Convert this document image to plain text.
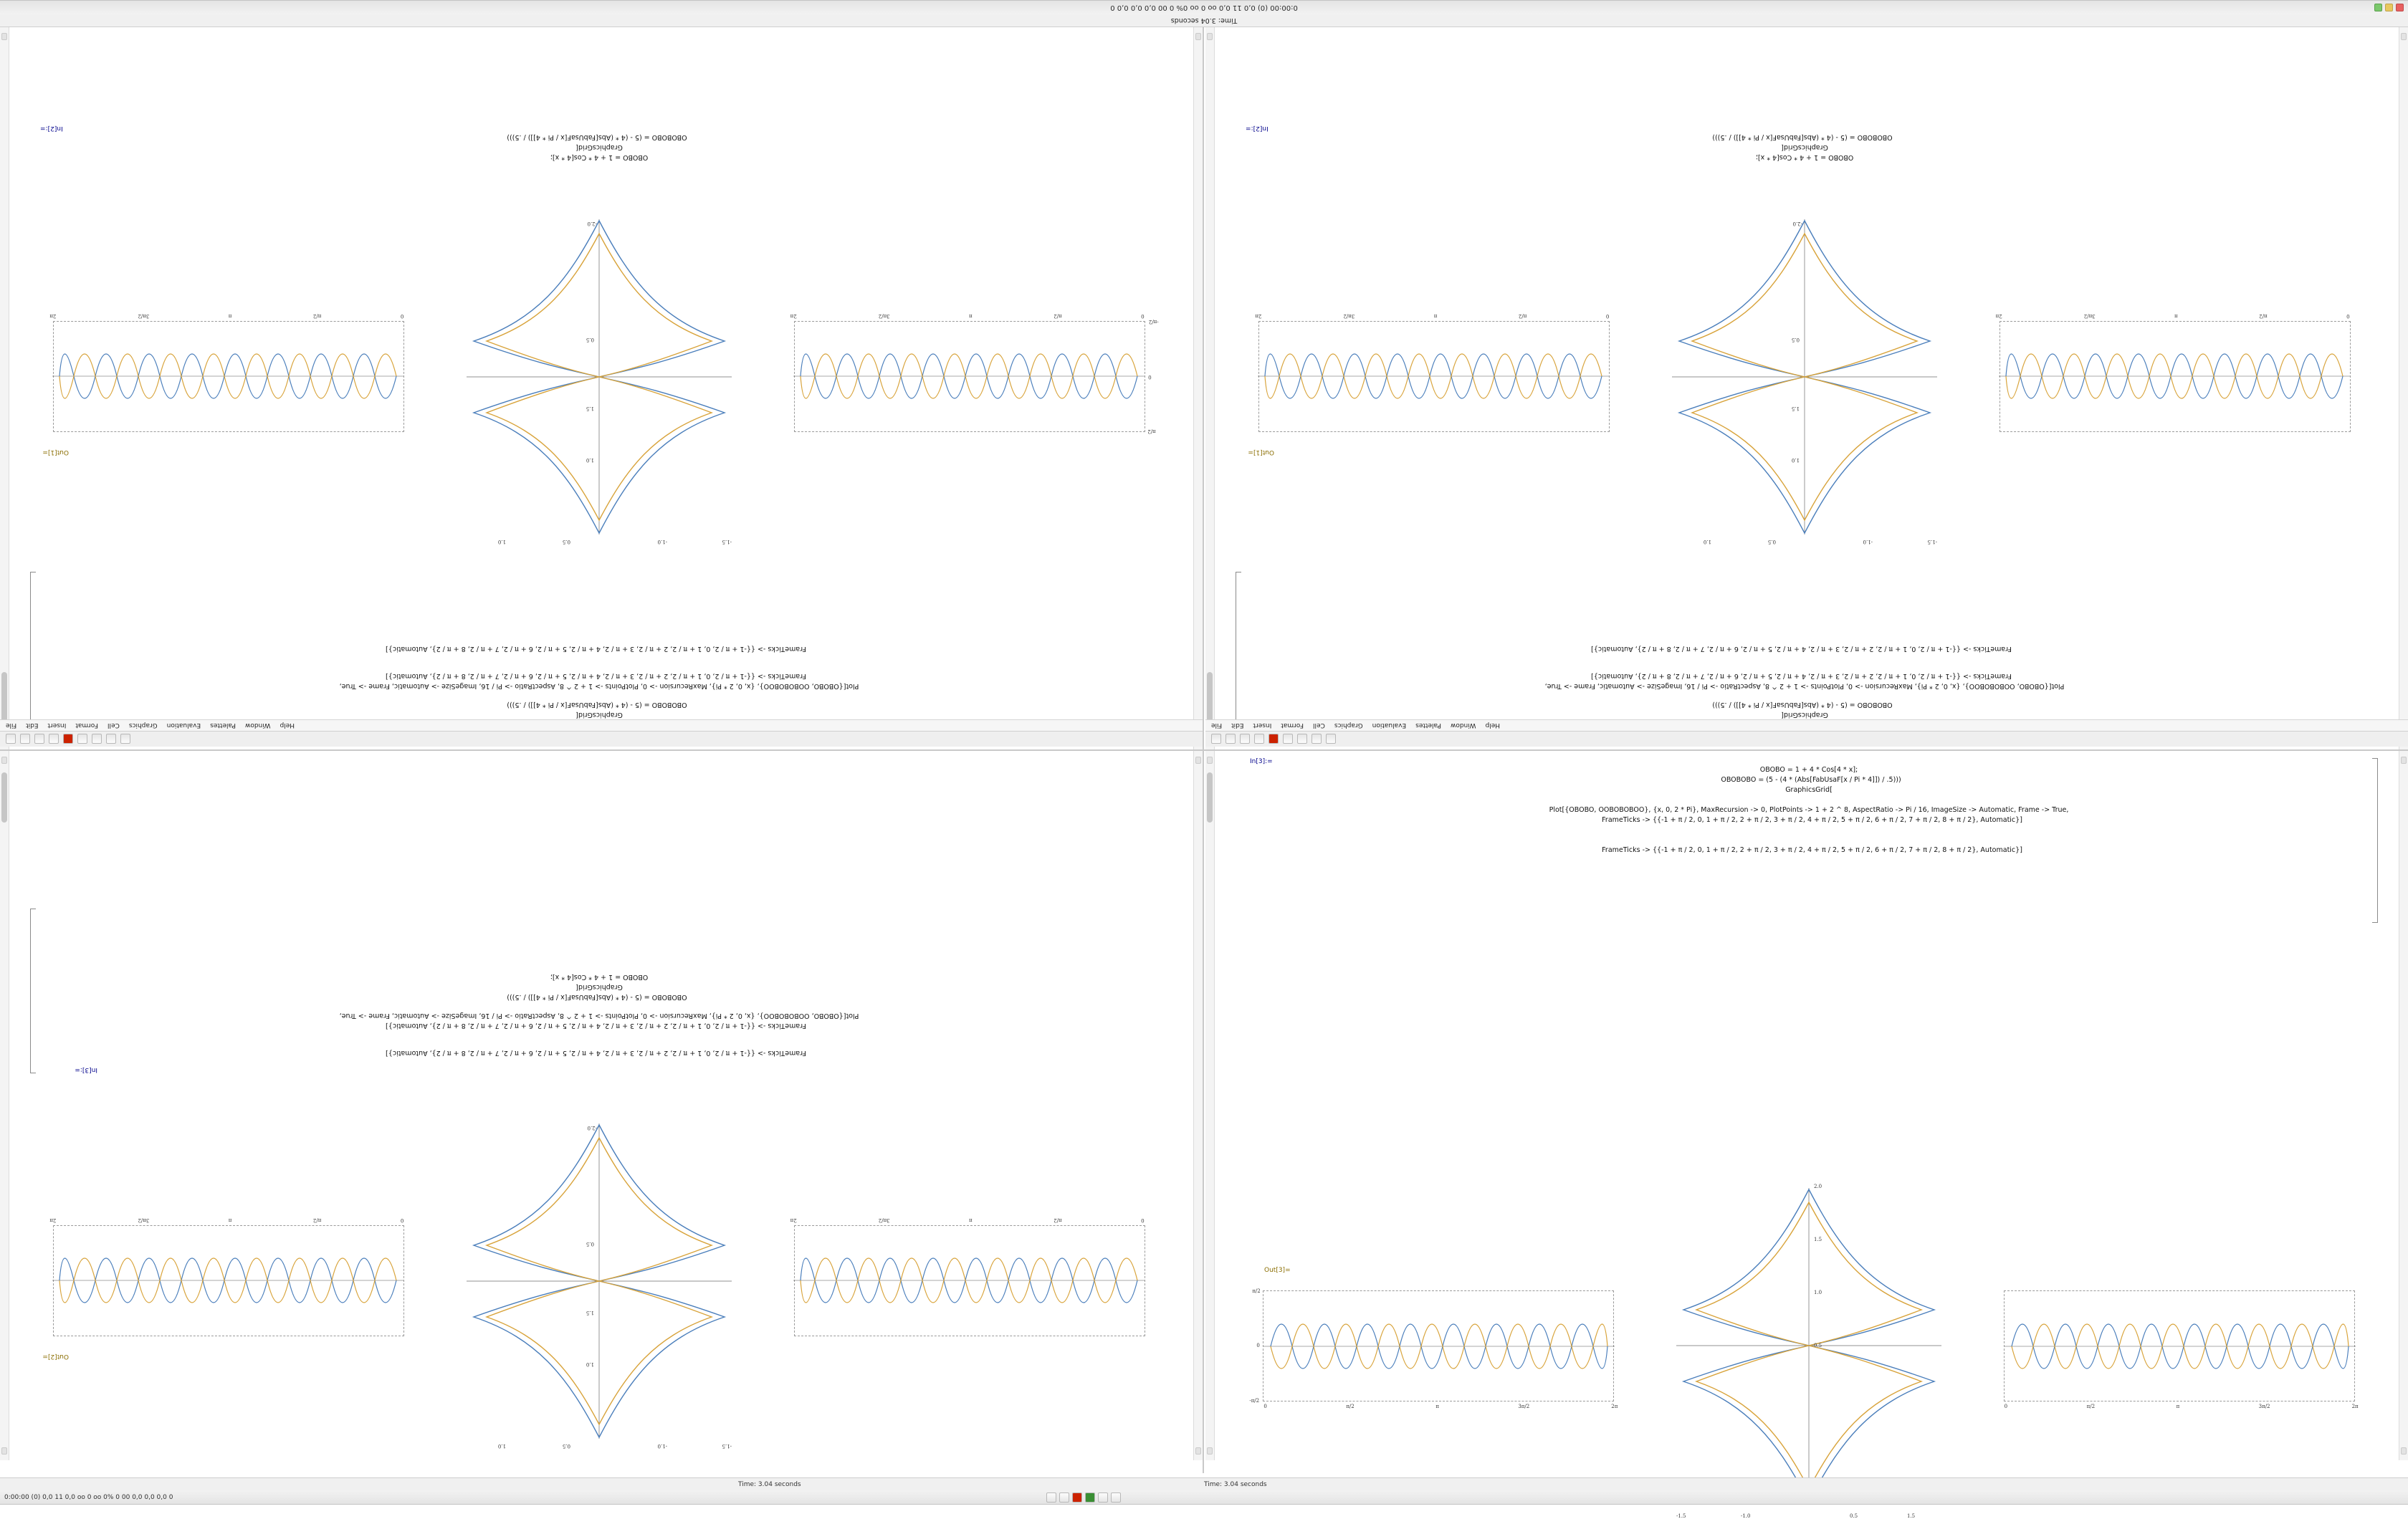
0:00:00 (0) 0,0 11 0,0 oo 0 oo 0% 0 00 0,0 0,0 0,0 0
Time: 3.04 seconds
GraphicsGrid[
OBOBOBO = (5 - (4 * (Abs[FabUsaF[x / Pi * 4]]) / .5)))
Plot[{OBOBO, OOBOBOBOO}, {x, 0, 2 * Pi}, MaxRecursion -> 0, PlotPoints -> 1 + 2 ^ 8, AspectRatio -> Pi / 16, ImageSize -> Automatic, Frame -> True,
FrameTicks -> {{-1 + π / 2, 0, 1 + π / 2, 2 + π / 2, 3 + π / 2, 4 + π / 2, 5 + π / 2, 6 + π / 2, 7 + π / 2, 8 + π / 2}, Automatic}]
FrameTicks -> {{-1 + π / 2, 0, 1 + π / 2, 2 + π / 2, 3 + π / 2, 4 + π / 2, 5 + π / 2, 6 + π / 2, 7 + π / 2, 8 + π / 2}, Automatic}]
Out[1]=
π/2
0
-π/2
0
π/2
π
3π/2
2π
-1.5
-1.0
0.5
1.0
1.0
1.5
0.5
-2.0
0
π/2
π
3π/2
2π
OBOBO = 1 + 4 * Cos[4 * x];
GraphicsGrid[
OBOBOBO = (5 - (4 * (Abs[FabUsaF[x / Pi * 4]]) / .5)))
In[2]:=
GraphicsGrid[
OBOBOBO = (5 - (4 * (Abs[FabUsaF[x / Pi * 4]]) / .5)))
Plot[{OBOBO, OOBOBOBOO}, {x, 0, 2 * Pi}, MaxRecursion -> 0, PlotPoints -> 1 + 2 ^ 8, AspectRatio -> Pi / 16, ImageSize -> Automatic, Frame -> True,
FrameTicks -> {{-1 + π / 2, 0, 1 + π / 2, 2 + π / 2, 3 + π / 2, 4 + π / 2, 5 + π / 2, 6 + π / 2, 7 + π / 2, 8 + π / 2}, Automatic}]
FrameTicks -> {{-1 + π / 2, 0, 1 + π / 2, 2 + π / 2, 3 + π / 2, 4 + π / 2, 5 + π / 2, 6 + π / 2, 7 + π / 2, 8 + π / 2}, Automatic}]
Out[1]=
0
π/2
π
3π/2
2π
-1.5
-1.0
0.5
1.0
1.0
1.5
0.5
-2.0
0
π/2
π
3π/2
2π
OBOBO = 1 + 4 * Cos[4 * x];
GraphicsGrid[
OBOBOBO = (5 - (4 * (Abs[FabUsaF[x / Pi * 4]]) / .5)))
In[2]:=
Help
Window
Palettes
Evaluation
Graphics
Cell
Format
Insert
Edit
File	Help
Window
Palettes
Evaluation
Graphics
Cell
Format
Insert
Edit
File
Out[2]=
0
π/2
π
3π/2
2π
-1.5
-1.0
0.5
1.0
1.0
1.5
0.5
-2.0
0
π/2
π
3π/2
2π
In[3]:=
FrameTicks -> {{-1 + π / 2, 0, 1 + π / 2, 2 + π / 2, 3 + π / 2, 4 + π / 2, 5 + π / 2, 6 + π / 2, 7 + π / 2, 8 + π / 2}, Automatic}]
FrameTicks -> {{-1 + π / 2, 0, 1 + π / 2, 2 + π / 2, 3 + π / 2, 4 + π / 2, 5 + π / 2, 6 + π / 2, 7 + π / 2, 8 + π / 2}, Automatic}]
Plot[{OBOBO, OOBOBOBOO}, {x, 0, 2 * Pi}, MaxRecursion -> 0, PlotPoints -> 1 + 2 ^ 8, AspectRatio -> Pi / 16, ImageSize -> Automatic, Frame -> True,
OBOBOBO = (5 - (4 * (Abs[FabUsaF[x / Pi * 4]]) / .5)))
GraphicsGrid[
OBOBO = 1 + 4 * Cos[4 * x];
In[3]:=
OBOBO = 1 + 4 * Cos[4 * x];
OBOBOBO = (5 - (4 * (Abs[FabUsaF[x / Pi * 4]]) / .5)))
GraphicsGrid[
Plot[{OBOBO, OOBOBOBOO}, {x, 0, 2 * Pi}, MaxRecursion -> 0, PlotPoints -> 1 + 2 ^ 8, AspectRatio -> Pi / 16, ImageSize -> Automatic, Frame -> True,
FrameTicks -> {{-1 + π / 2, 0, 1 + π / 2, 2 + π / 2, 3 + π / 2, 4 + π / 2, 5 + π / 2, 6 + π / 2, 7 + π / 2, 8 + π / 2}, Automatic}]
FrameTicks -> {{-1 + π / 2, 0, 1 + π / 2, 2 + π / 2, 3 + π / 2, 4 + π / 2, 5 + π / 2, 6 + π / 2, 7 + π / 2, 8 + π / 2}, Automatic}]
Out[3]=
π/2
0
-π/2
0	π/2	π	3π/2	2π
2.0
1.5
1.0
0.5
-1.5	-1.0	0.5	1.5
0	π/2	π	3π/2	2π
Time: 3.04 seconds	Time: 3.04 seconds
0:00:00 (0) 0,0 11 0,0 oo 0 oo 0% 0 00 0,0 0,0 0,0 0
